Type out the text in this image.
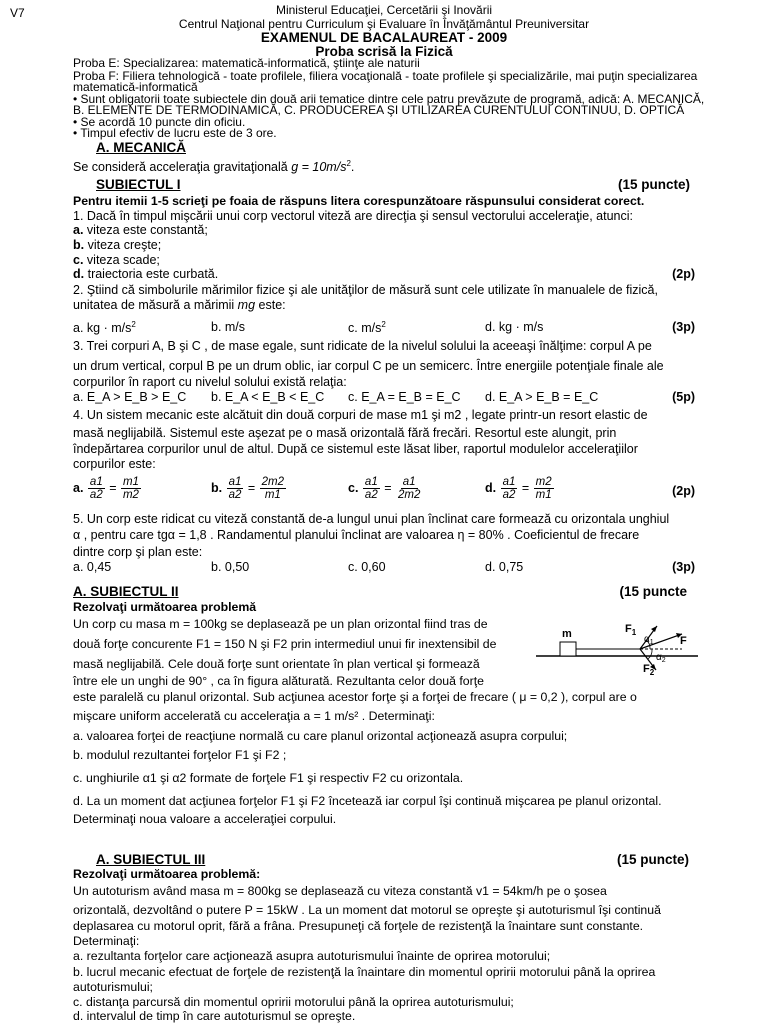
V7	Ministerul Educaţiei, Cercetării şi Inovării
Centrul Naţional pentru Curriculum şi Evaluare în Învăţământul Preuniversitar
EXAMENUL DE BACALAUREAT - 2009
Proba scrisă la Fizică
Proba E: Specializarea: matematică-informatică, ştiinţe ale naturii
Proba F: Filiera tehnologică - toate profilele, filiera vocaţională - toate profilele şi specializările, mai puţin specializarea
matematică-informatică
• Sunt obligatorii toate subiectele din două arii tematice dintre cele patru prevăzute de programă, adică: A. MECANICĂ,
B. ELEMENTE DE TERMODINAMICĂ, C. PRODUCEREA ŞI UTILIZAREA CURENTULUI CONTINUU, D. OPTICĂ
• Se acordă 10 puncte din oficiu.
• Timpul efectiv de lucru este de 3 ore.
A. MECANICĂ
Se consideră acceleraţia gravitaţională $g = 10m/s^2$.
SUBIECTUL I	(15 puncte)
Pentru itemii 1-5 scrieţi pe foaia de răspuns litera corespunzătoare răspunsului considerat corect.
1. Dacă în timpul mişcării unui corp vectorul viteză are direcţia şi sensul vectorului acceleraţie, atunci:
a. viteza este constantă;
b. viteza creşte;
c. viteza scade;
d. traiectoria este curbată.	(2p)
2. Ştiind că simbolurile mărimilor fizice şi ale unităţilor de măsură sunt cele utilizate în manualele de fizică,
unitatea de măsură a mărimii mg este:
a. kg · $m/s^2$	b. m/s	c. $m/s^2$	d. kg · m/s	(3p)
3. Trei corpuri A, B şi C , de mase egale, sunt ridicate de la nivelul solului la aceeaşi înălţime: corpul A pe
un drum vertical, corpul B pe un drum oblic, iar corpul C pe un semicerc. Între energiile potenţiale finale ale
corpurilor în raport cu nivelul solului există relaţia:
a. E_A > E_B > E_C b. E_A < E_B < E_C c. E_A = E_B = E_C d. E_A > E_B = E_C	(5p)
4. Un sistem mecanic este alcătuit din două corpuri de mase m1 şi m2 , legate printr-un resort elastic de
masă neglijabilă. Sistemul este aşezat pe o masă orizontală fără frecări. Resortul este alungit, prin
îndepărtarea corpurilor unul de altul. După ce sistemul este lăsat liber, raportul modulelor acceleraţiilor
corpurilor este:
a. $\frac{a1}{a2} = \frac{m1}{m2}$	b. $\frac{a1}{a2} = \frac{2m2}{m1}$	c. $\frac{a1}{a2} = \frac{a1}{2m2}$	d. $\frac{a1}{a2} = \frac{m2}{m1}$	(2p)
5. Un corp este ridicat cu viteză constantă de-a lungul unui plan înclinat care formează cu orizontala unghiul
α , pentru care tgα = 1,8 . Randamentul planului înclinat are valoarea η = 80% . Coeficientul de frecare
dintre corp şi plan este:
a. 0,45	b. 0,50	c. 0,60	d. 0,75	(3p)
A. SUBIECTUL II	(15 puncte
Rezolvaţi următoarea problemă
Un corp cu masa m = 100kg se deplasează pe un plan orizontal fiind tras de
două forţe concurente F1 = 150 N şi F2 prin intermediul unui fir inextensibil de
masă neglijabilă. Cele două forţe sunt orientate în plan vertical şi formează
între ele un unghi de 90° , ca în figura alăturată. Rezultanta celor două forţe
m	$F_1$
$\alpha_1$ F
$\alpha_2$
$F_2$
este paralelă cu planul orizontal. Sub acţiunea acestor forţe şi a forţei de frecare ( μ = 0,2 ), corpul are o
mişcare uniform accelerată cu acceleraţia a = 1 m/s² . Determinaţi:
a. valoarea forţei de reacţiune normală cu care planul orizontal acţionează asupra corpului;
b. modulul rezultantei forţelor F1 şi F2 ;
c. unghiurile α1 şi α2 formate de forţele F1 şi respectiv F2 cu orizontala.
d. La un moment dat acţiunea forţelor F1 şi F2 încetează iar corpul îşi continuă mişcarea pe planul orizontal.
Determinaţi noua valoare a acceleraţiei corpului.
A. SUBIECTUL III	(15 puncte)
Rezolvaţi următoarea problemă:
Un autoturism având masa m = 800kg se deplasează cu viteza constantă v1 = 54km/h pe o şosea
orizontală, dezvoltând o putere P = 15kW . La un moment dat motorul se opreşte şi autoturismul îşi continuă
deplasarea cu motorul oprit, fără a frâna. Presupuneţi că forţele de rezistenţă la înaintare sunt constante.
Determinaţi:
a. rezultanta forţelor care acţionează asupra autoturismului înainte de oprirea motorului;
b. lucrul mecanic efectuat de forţele de rezistenţă la înaintare din momentul opririi motorului până la oprirea
autoturismului;
c. distanţa parcursă din momentul opririi motorului până la oprirea autoturismului;
d. intervalul de timp în care autoturismul se opreşte.
